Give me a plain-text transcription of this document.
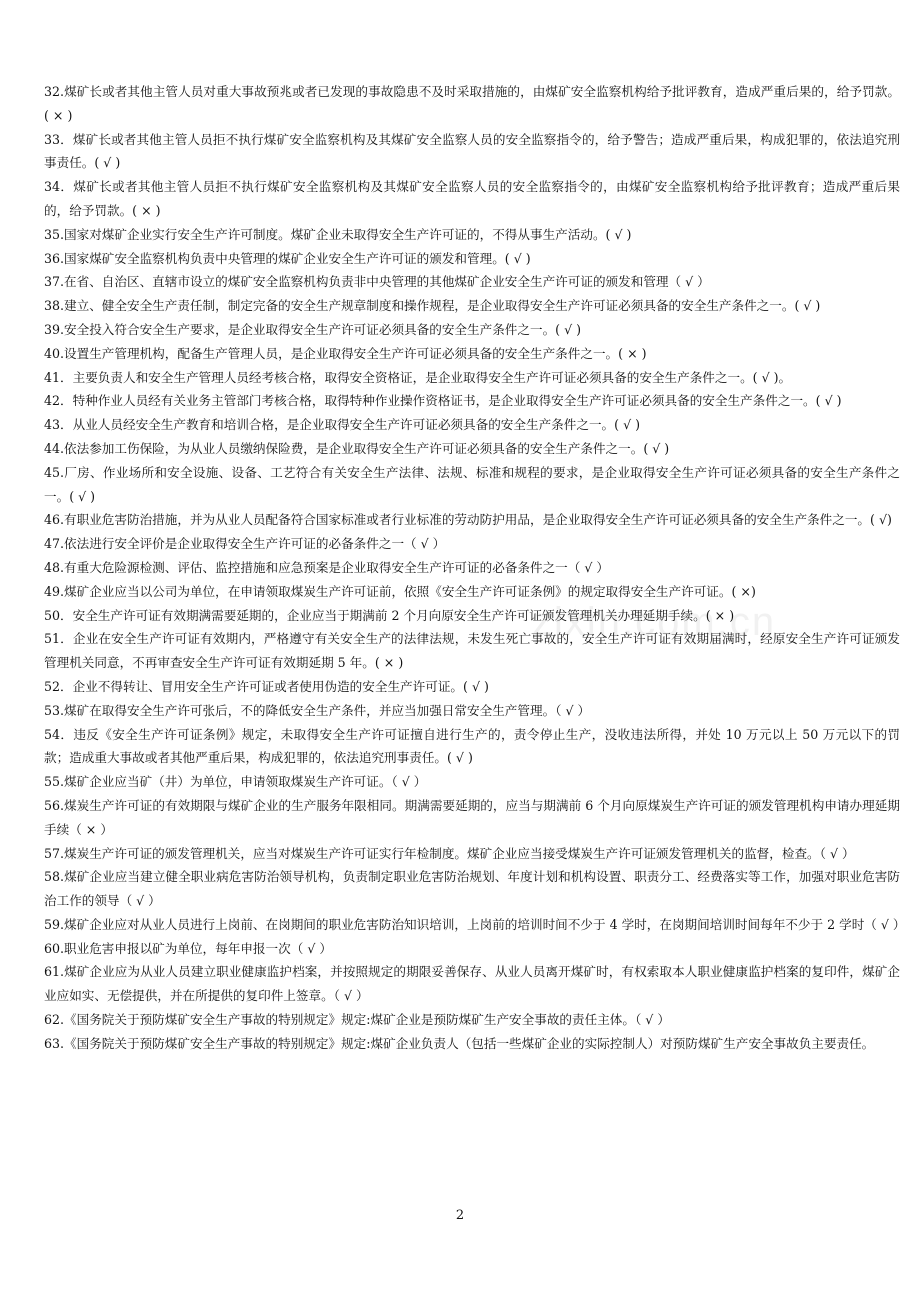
32.煤矿长或者其他主管人员对重大事故预兆或者已发现的事故隐患不及时采取措施的，由煤矿安全监察机构给予批评教育，造成严重后果的，给予罚款。( × )

33．煤矿长或者其他主管人员拒不执行煤矿安全监察机构及其煤矿安全监察人员的安全监察指令的，给予警告；造成严重后果，构成犯罪的，依法追究刑事责任。( √ )

34．煤矿长或者其他主管人员拒不执行煤矿安全监察机构及其煤矿安全监察人员的安全监察指令的，由煤矿安全监察机构给予批评教育；造成严重后果的，给予罚款。( × )

35.国家对煤矿企业实行安全生产许可制度。煤矿企业未取得安全生产许可证的，不得从事生产活动。( √ )

36.国家煤矿安全监察机构负责中央管理的煤矿企业安全生产许可证的颁发和管理。( √ )

37.在省、自治区、直辖市设立的煤矿安全监察机构负责非中央管理的其他煤矿企业安全生产许可证的颁发和管理（ √ ）

38.建立、健全安全生产责任制，制定完备的安全生产规章制度和操作规程，是企业取得安全生产许可证必须具备的安全生产条件之一。( √ )

39.安全投入符合安全生产要求，是企业取得安全生产许可证必须具备的安全生产条件之一。( √ )

40.设置生产管理机构，配备生产管理人员，是企业取得安全生产许可证必须具备的安全生产条件之一。( × )

41．主要负责人和安全生产管理人员经考核合格，取得安全资格证，是企业取得安全生产许可证必须具备的安全生产条件之一。( √ )。

42．特种作业人员经有关业务主管部门考核合格，取得特种作业操作资格证书，是企业取得安全生产许可证必须具备的安全生产条件之一。( √ )

43．从业人员经安全生产教育和培训合格，是企业取得安全生产许可证必须具备的安全生产条件之一。( √ )

44.依法参加工伤保险，为从业人员缴纳保险费，是企业取得安全生产许可证必须具备的安全生产条件之一。( √ )

45.厂房、作业场所和安全设施、设备、工艺符合有关安全生产法律、法规、标准和规程的要求，是企业取得安全生产许可证必须具备的安全生产条件之一。( √ )

46.有职业危害防治措施，并为从业人员配备符合国家标准或者行业标准的劳动防护用品，是企业取得安全生产许可证必须具备的安全生产条件之一。( √)

47.依法进行安全评价是企业取得安全生产许可证的必备条件之一（ √ ）

48.有重大危险源检测、评估、监控措施和应急预案是企业取得安全生产许可证的必备条件之一（ √ ）

49.煤矿企业应当以公司为单位，在申请领取煤炭生产许可证前，依照《安全生产许可证条例》的规定取得安全生产许可证。( ×)

50．安全生产许可证有效期满需要延期的，企业应当于期满前 2 个月向原安全生产许可证颁发管理机关办理延期手续。( × )

51．企业在安全生产许可证有效期内，严格遵守有关安全生产的法律法规，未发生死亡事故的，安全生产许可证有效期届满时，经原安全生产许可证颁发管理机关同意，不再审查安全生产许可证有效期延期 5 年。( × )

52．企业不得转让、冒用安全生产许可证或者使用伪造的安全生产许可证。( √ )

53.煤矿在取得安全生产许可张后，不的降低安全生产条件，并应当加强日常安全生产管理。（ √ ）

54．违反《安全生产许可证条例》规定，未取得安全生产许可证擅自进行生产的，责令停止生产，没收违法所得，并处 10 万元以上 50 万元以下的罚款；造成重大事故或者其他严重后果，构成犯罪的，依法追究刑事责任。( √ )

55.煤矿企业应当矿（井）为单位，申请领取煤炭生产许可证。（ √ ）

56.煤炭生产许可证的有效期限与煤矿企业的生产服务年限相同。期满需要延期的，应当与期满前 6 个月向原煤炭生产许可证的颁发管理机构申请办理延期手续（ × ）

57.煤炭生产许可证的颁发管理机关，应当对煤炭生产许可证实行年检制度。煤矿企业应当接受煤炭生产许可证颁发管理机关的监督，检查。（ √ ）

58.煤矿企业应当建立健全职业病危害防治领导机构，负责制定职业危害防治规划、年度计划和机构设置、职责分工、经费落实等工作，加强对职业危害防治工作的领导（ √ ）

59.煤矿企业应对从业人员进行上岗前、在岗期间的职业危害防治知识培训，上岗前的培训时间不少于 4 学时，在岗期间培训时间每年不少于 2 学时（ √ ）

60.职业危害申报以矿为单位，每年申报一次（ √ ）

61.煤矿企业应为从业人员建立职业健康监护档案，并按照规定的期限妥善保存、从业人员离开煤矿时，有权索取本人职业健康监护档案的复印件，煤矿企业应如实、无偿提供，并在所提供的复印件上签章。（ √ ）

62.《国务院关于预防煤矿安全生产事故的特别规定》规定:煤矿企业是预防煤矿生产安全事故的责任主体。（ √ ）

63.《国务院关于预防煤矿安全生产事故的特别规定》规定:煤矿企业负责人（包括一些煤矿企业的实际控制人）对预防煤矿生产安全事故负主要责任。

zixin.com.cn
2
